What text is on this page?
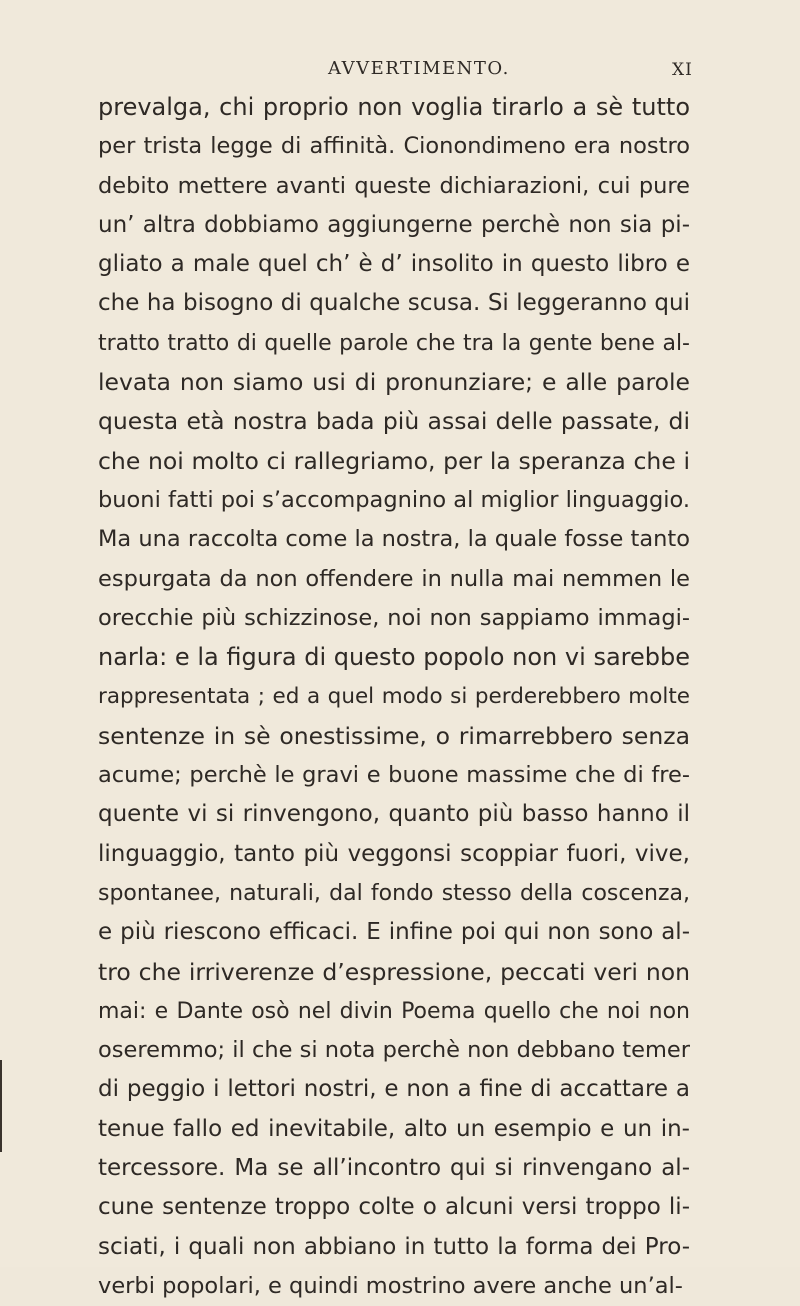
AVVERTIMENTO.	XI
prevalga, chi proprio non voglia tirarlo a sè tutto
per trista legge di affinità. Cionondimeno era nostro
debito mettere avanti queste dichiarazioni, cui pure
un’ altra dobbiamo aggiungerne perchè non sia pi-
gliato a male quel ch’ è d’ insolito in questo libro e
che ha bisogno di qualche scusa. Si leggeranno qui
tratto tratto di quelle parole che tra la gente bene al-
levata non siamo usi di pronunziare; e alle parole
questa età nostra bada più assai delle passate, di
che noi molto ci rallegriamo, per la speranza che i
buoni fatti poi s’accompagnino al miglior linguaggio.
Ma una raccolta come la nostra, la quale fosse tanto
espurgata da non offendere in nulla mai nemmen le
orecchie più schizzinose, noi non sappiamo immagi-
narla: e la figura di questo popolo non vi sarebbe
rappresentata ; ed a quel modo si perderebbero molte
sentenze in sè onestissime, o rimarrebbero senza
acume; perchè le gravi e buone massime che di fre-
quente vi si rinvengono, quanto più basso hanno il
linguaggio, tanto più veggonsi scoppiar fuori, vive,
spontanee, naturali, dal fondo stesso della coscenza,
e più riescono efficaci. E infine poi qui non sono al-
tro che irriverenze d’espressione, peccati veri non
mai: e Dante osò nel divin Poema quello che noi non
oseremmo; il che si nota perchè non debbano temer
di peggio i lettori nostri, e non a fine di accattare a
tenue fallo ed inevitabile, alto un esempio e un in-
tercessore. Ma se all’incontro qui si rinvengano al-
cune sentenze troppo colte o alcuni versi troppo li-
sciati, i quali non abbiano in tutto la forma dei Pro-
verbi popolari, e quindi mostrino avere anche un’al-
